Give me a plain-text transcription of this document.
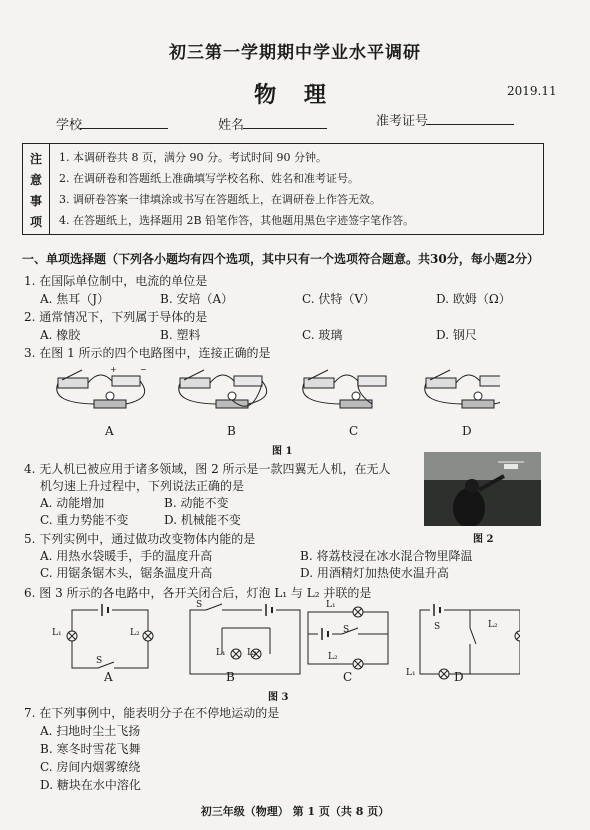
初三第一学期期中学业水平调研
物 理	2019.11
学校	姓名	准考证号
注
意
事
项
1. 本调研卷共 8 页，满分 90 分。考试时间 90 分钟。
2. 在调研卷和答题纸上准确填写学校名称、姓名和准考证号。
3. 调研卷答案一律填涂或书写在答题纸上，在调研卷上作答无效。
4. 在答题纸上，选择题用 2B 铅笔作答，其他题用黑色字迹签字笔作答。
一、单项选择题（下列各小题均有四个选项，其中只有一个选项符合题意。共30分，每小题2分）
1. 在国际单位制中，电流的单位是
A. 焦耳（J）	B. 安培（A）	C. 伏特（V）	D. 欧姆（Ω）
2. 通常情况下，下列属于导体的是
A. 橡胶	B. 塑料	C. 玻璃	D. 钢尺
3. 在图 1 所示的四个电路图中，连接正确的是
+	−
A	B	C	D
图 1
4. 无人机已被应用于诸多领域，图 2 所示是一款四翼无人机，在无人
机匀速上升过程中，下列说法正确的是
A. 动能增加	B. 动能不变
C. 重力势能不变	D. 机械能不变
图 2
5. 下列实例中，通过做功改变物体内能的是
A. 用热水袋暖手，手的温度升高	B. 将荔枝浸在冰水混合物里降温
C. 用锯条锯木头，锯条温度升高	D. 用酒精灯加热使水温升高
6. 图 3 所示的各电路中，各开关闭合后，灯泡 L₁ 与 L₂ 并联的是
L₁	L₂
S
S
L₁ L₂
L₁
S
L₂
S	L₂
L₁
A	B	C	D
图 3
7. 在下列事例中，能表明分子在不停地运动的是
A. 扫地时尘土飞扬
B. 寒冬时雪花飞舞
C. 房间内烟雾缭绕
D. 糖块在水中溶化
初三年级（物理） 第 1 页（共 8 页）
